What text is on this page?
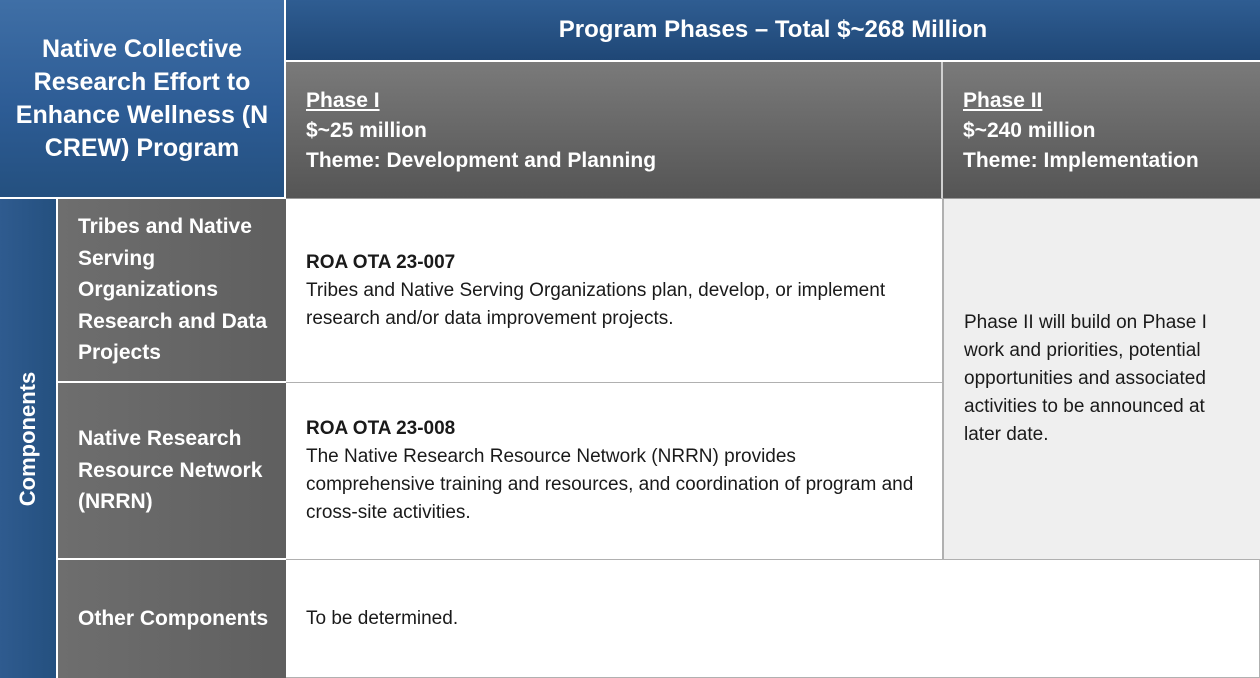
Native Collective Research Effort to Enhance Wellness (N CREW) Program
Program Phases – Total $~268 Million
Phase I
$~25 million
Theme: Development and Planning
Phase II
$~240 million
Theme: Implementation
Components
Tribes and Native Serving Organizations Research and Data Projects
ROA OTA 23-007
Tribes and Native Serving Organizations plan, develop, or implement research and/or data improvement projects.
Native Research Resource Network (NRRN)
ROA OTA 23-008
The Native Research Resource Network (NRRN) provides comprehensive training and resources, and coordination of program and cross-site activities.
Phase II will build on Phase I work and priorities, potential opportunities and associated activities to be announced at later date.
Other Components To be determined.
